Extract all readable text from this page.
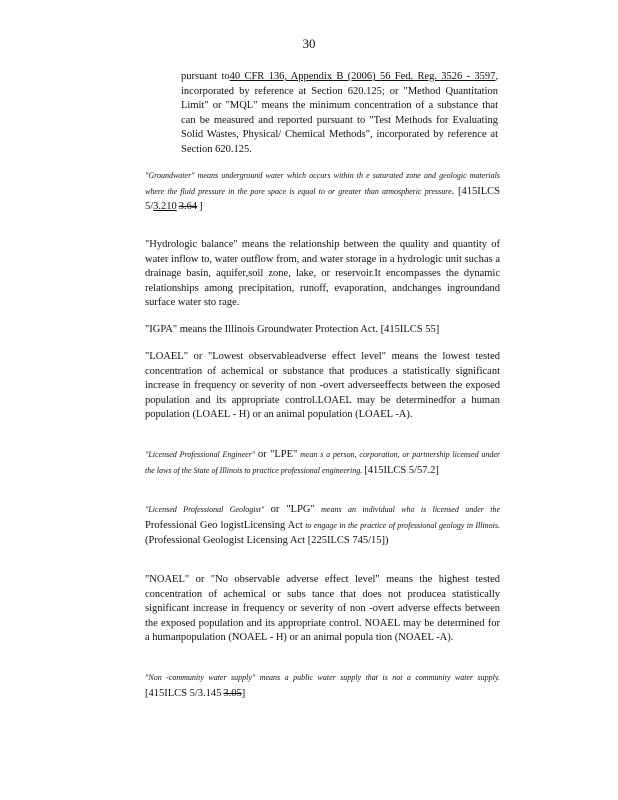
30
pursuant to40 CFR 136, Appendix B (2006) 56 Fed. Reg. 3526 - 3597, incorporated by reference at Section 620.125; or "Method Quantitation Limit" or "MQL" means the minimum concentration of a substance that can be measured and reported pursuant to "Test Methods for Evaluating Solid Wastes, Physical/ Chemical Methods", incorporated by reference at Section 620.125.
"Groundwater" means underground water which occurs within th e saturated zone and geologic materials where the fluid pressure in the pore space is equal to or greater than atmospheric pressure. [415ILCS 5/3.210 3.64 ]
"Hydrologic balance" means the relationship between the quality and quantity of water inflow to, water outflow from, and water storage in a hydrologic unit suchas a drainage basin, aquifer,soil zone, lake, or reservoir.It encompasses the dynamic relationships among precipitation, runoff, evaporation, andchanges ingroundand surface water sto rage.
"IGPA" means the Illinois Groundwater Protection Act. [415ILCS 55]
"LOAEL" or "Lowest observableadverse effect level" means the lowest tested concentration of achemical or substance that produces a statistically significant increase in frequency or severity of non -overt adverseeffects between the exposed population and its appropriate control.LOAEL may be determinedfor a human population (LOAEL - H) or an animal population (LOAEL -A).
"Licensed Professional Engineer" or "LPE" mean s a person, corporation, or partnership licensed under the laws of the State of Illinois to practice professional engineering. [415ILCS 5/57.2]
"Licensed Professional Geologist" or "LPG" means an individual who is licensed under the Professional Geo logistLicensing Act to engage in the practice of professional geology in Illinois. (Professional Geologist Licensing Act [225ILCS 745/15])
"NOAEL" or "No observable adverse effect level" means the highest tested concentration of achemical or subs tance that does not producea statistically significant increase in frequency or severity of non -overt adverse effects between the exposed population and its appropriate control. NOAEL may be determined for a humanpopulation (NOAEL - H) or an animal popula tion (NOAEL -A).
"Non -community water supply" means a public water supply that is not a community water supply. [415ILCS 5/3.145 3.05]
